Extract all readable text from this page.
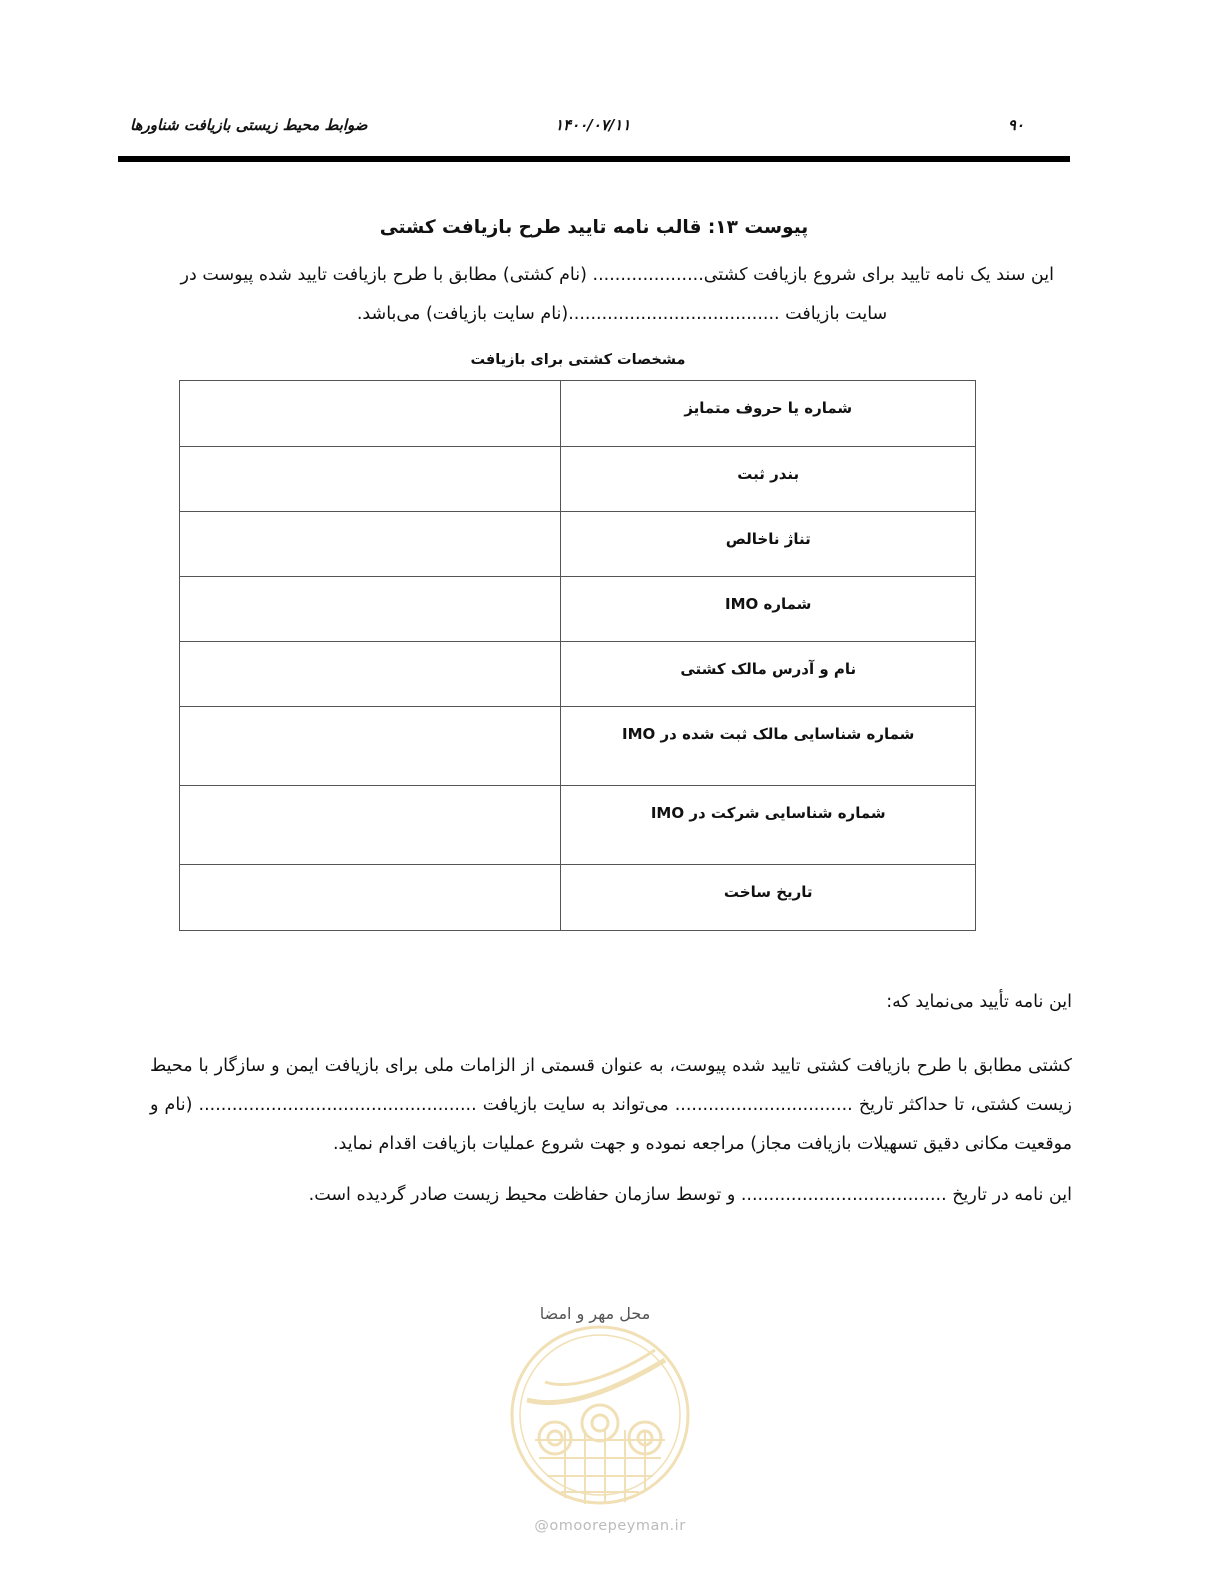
ضوابط محیط زیستی بازیافت شناورها	۱۴۰۰/۰۷/۱۱	۹۰
پیوست ۱۳: قالب نامه تایید طرح بازیافت کشتی
این سند یک نامه تایید برای شروع بازیافت کشتی.................... (نام کشتی) مطابق با طرح بازیافت تایید شده پیوست در
سایت بازیافت ......................................(نام سایت بازیافت) می‌باشد.
مشخصات کشتی برای بازیافت
	شماره یا حروف متمایز
	بندر ثبت
	تناژ ناخالص
	شماره IMO
	نام و آدرس مالک کشتی
	شماره شناسایی مالک ثبت شده در IMO
	شماره شناسایی شرکت در IMO
	تاریخ ساخت
این نامه تأیید می‌نماید که:
کشتی مطابق با طرح بازیافت کشتی تایید شده پیوست، به عنوان قسمتی از الزامات ملی برای بازیافت ایمن و سازگار با محیط زیست کشتی، تا حداکثر تاریخ ................................ می‌تواند به سایت بازیافت .................................................. (نام و موقعیت مکانی دقیق تسهیلات بازیافت مجاز) مراجعه نموده و جهت شروع عملیات بازیافت اقدام نماید.
این نامه در تاریخ ..................................... و توسط سازمان حفاظت محیط زیست صادر گردیده است.
محل مهر و امضا
@omoorepeyman.ir
